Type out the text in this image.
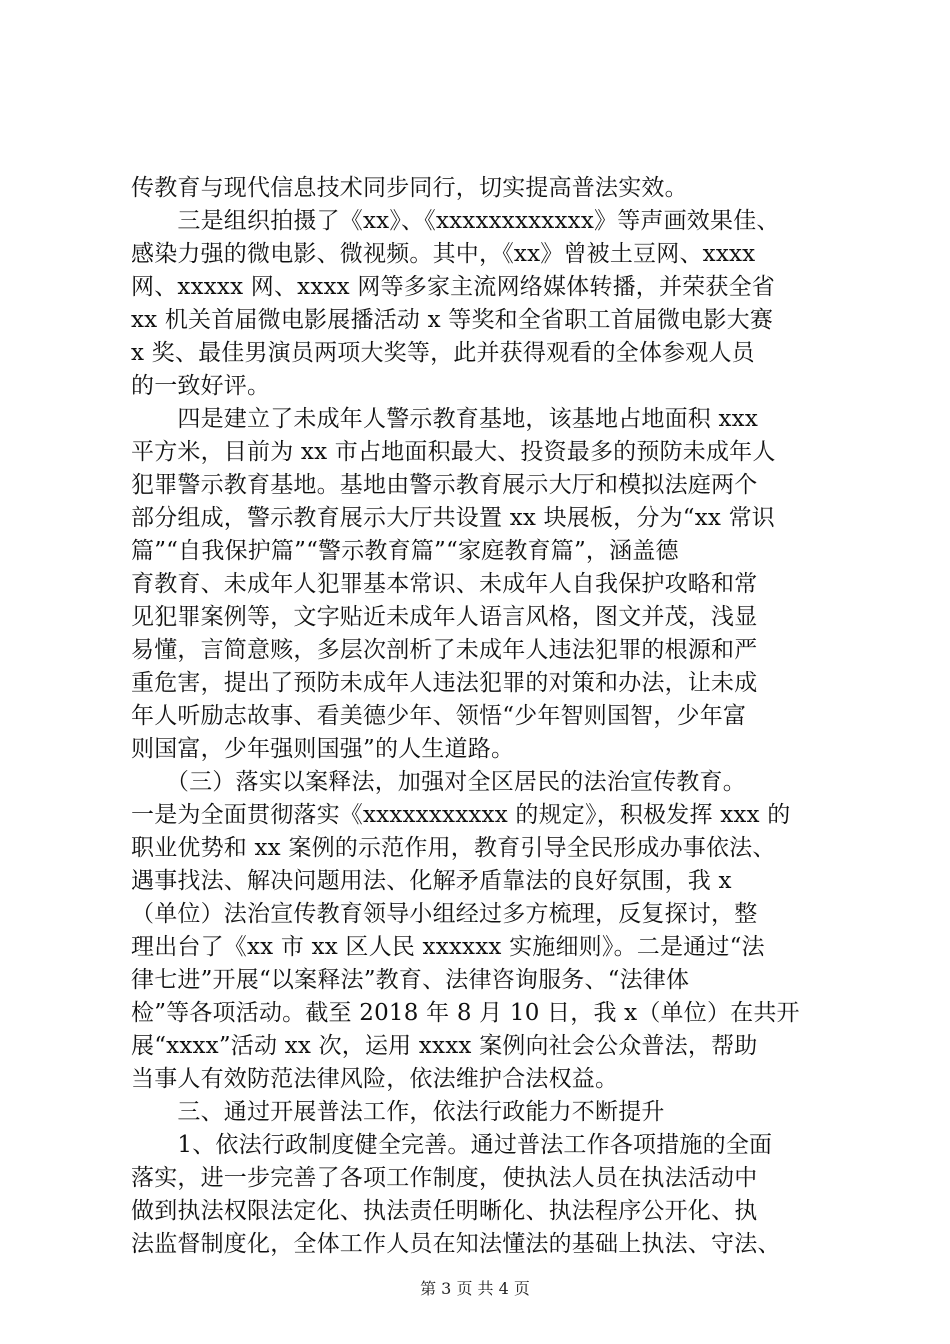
传教育与现代信息技术同步同行，切实提高普法实效。
　　三是组织拍摄了《xx》、《xxxxxxxxxxxx》等声画效果佳、
感染力强的微电影、微视频。其中，《xx》曾被土豆网、xxxx
网、xxxxx 网、xxxx 网等多家主流网络媒体转播，并荣获全省
xx 机关首届微电影展播活动 x 等奖和全省职工首届微电影大赛
x 奖、最佳男演员两项大奖等，此并获得观看的全体参观人员
的一致好评。
　　四是建立了未成年人警示教育基地，该基地占地面积 xxx
平方米，目前为 xx 市占地面积最大、投资最多的预防未成年人
犯罪警示教育基地。基地由警示教育展示大厅和模拟法庭两个
部分组成，警示教育展示大厅共设置 xx 块展板，分为“xx 常识
篇”“自我保护篇”“警示教育篇”“家庭教育篇”，涵盖德
育教育、未成年人犯罪基本常识、未成年人自我保护攻略和常
见犯罪案例等，文字贴近未成年人语言风格，图文并茂，浅显
易懂，言简意赅，多层次剖析了未成年人违法犯罪的根源和严
重危害，提出了预防未成年人违法犯罪的对策和办法，让未成
年人听励志故事、看美德少年、领悟“少年智则国智，少年富
则国富，少年强则国强”的人生道路。
　　（三）落实以案释法，加强对全区居民的法治宣传教育。
一是为全面贯彻落实《xxxxxxxxxxx 的规定》，积极发挥 xxx 的
职业优势和 xx 案例的示范作用，教育引导全民形成办事依法、
遇事找法、解决问题用法、化解矛盾靠法的良好氛围，我 x
（单位）法治宣传教育领导小组经过多方梳理，反复探讨，整
理出台了《xx 市 xx 区人民 xxxxxx 实施细则》。二是通过“法
律七进”开展“以案释法”教育、法律咨询服务、“法律体
检”等各项活动。截至 2018 年 8 月 10 日，我 x（单位）在共开
展“xxxx”活动 xx 次，运用 xxxx 案例向社会公众普法，帮助
当事人有效防范法律风险，依法维护合法权益。
　　三、通过开展普法工作，依法行政能力不断提升
　　1、依法行政制度健全完善。通过普法工作各项措施的全面
落实，进一步完善了各项工作制度，使执法人员在执法活动中
做到执法权限法定化、执法责任明晰化、执法程序公开化、执
法监督制度化，全体工作人员在知法懂法的基础上执法、守法、
第 3 页 共 4 页
